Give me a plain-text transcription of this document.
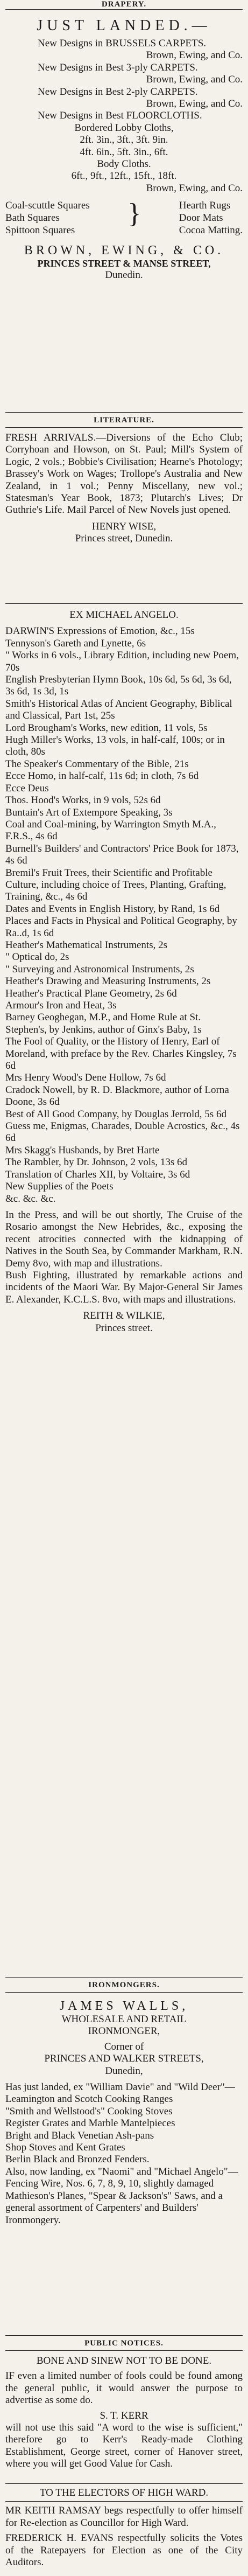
DRAPERY.
JUST LANDED.—
New Designs in BRUSSELS CARPETS.
Brown, Ewing, and Co.
New Designs in Best 3-ply CARPETS.
Brown, Ewing, and Co.
New Designs in Best 2-ply CARPETS.
Brown, Ewing, and Co.
New Designs in Best FLOORCLOTHS.
Bordered Lobby Cloths,
2ft. 3in., 3ft., 3ft. 9in.
4ft. 6in., 5ft. 3in., 6ft.
Body Cloths.
6ft., 9ft., 12ft., 15ft., 18ft.
Brown, Ewing, and Co.
Coal-scuttle Squares
Bath Squares
Spittoon Squares
}	Hearth Rugs
Door Mats
Cocoa Matting.
BROWN, EWING, & CO.
PRINCES STREET & MANSE STREET,
Dunedin.
LITERATURE.
FRESH ARRIVALS.—Diversions of the Echo Club; Corryhoan and Howson, on St. Paul; Mill's System of Logic, 2 vols.; Bobbie's Civilisation; Hearne's Photology; Brassey's Work on Wages; Trollope's Australia and New Zealand, in 1 vol.; Penny Miscellany, new vol.; Statesman's Year Book, 1873; Plutarch's Lives; Dr Guthrie's Life. Mail Parcel of New Novels just opened.
HENRY WISE,
Princes street, Dunedin.
EX MICHAEL ANGELO.
DARWIN'S Expressions of Emotion, &c., 15s
Tennyson's Gareth and Lynette, 6s
" Works in 6 vols., Library Edition, including new Poem, 70s
English Presbyterian Hymn Book, 10s 6d, 5s 6d, 3s 6d, 3s 6d, 1s 3d, 1s
Smith's Historical Atlas of Ancient Geography, Biblical and Classical, Part 1st, 25s
Lord Brougham's Works, new edition, 11 vols, 5s
Hugh Miller's Works, 13 vols, in half-calf, 100s; or in cloth, 80s
The Speaker's Commentary of the Bible, 21s
Ecce Homo, in half-calf, 11s 6d; in cloth, 7s 6d
Ecce Deus
Thos. Hood's Works, in 9 vols, 52s 6d
Buntain's Art of Extempore Speaking, 3s
Coal and Coal-mining, by Warrington Smyth M.A., F.R.S., 4s 6d
Burnell's Builders' and Contractors' Price Book for 1873, 4s 6d
Bremil's Fruit Trees, their Scientific and Profitable Culture, including choice of Trees, Planting, Grafting, Training, &c., 4s 6d
Dates and Events in English History, by Rand, 1s 6d
Places and Facts in Physical and Political Geography, by Ra..d, 1s 6d
Heather's Mathematical Instruments, 2s
" Optical do, 2s
" Surveying and Astronomical Instruments, 2s
Heather's Drawing and Measuring Instruments, 2s
Heather's Practical Plane Geometry, 2s 6d
Armour's Iron and Heat, 3s
Barney Geoghegan, M.P., and Home Rule at St. Stephen's, by Jenkins, author of Ginx's Baby, 1s
The Fool of Quality, or the History of Henry, Earl of Moreland, with preface by the Rev. Charles Kingsley, 7s 6d
Mrs Henry Wood's Dene Hollow, 7s 6d
Cradock Nowell, by R. D. Blackmore, author of Lorna Doone, 3s 6d
Best of All Good Company, by Douglas Jerrold, 5s 6d
Guess me, Enigmas, Charades, Double Acrostics, &c., 4s 6d
Mrs Skagg's Husbands, by Bret Harte
The Rambler, by Dr. Johnson, 2 vols, 13s 6d
Translation of Charles XII, by Voltaire, 3s 6d
New Supplies of the Poets
&c. &c. &c.
In the Press, and will be out shortly, The Cruise of the Rosario amongst the New Hebrides, &c., exposing the recent atrocities connected with the kidnapping of Natives in the South Sea, by Commander Markham, R.N. Demy 8vo, with map and illustrations.
Bush Fighting, illustrated by remarkable actions and incidents of the Maori War. By Major-General Sir James E. Alexander, K.C.L.S. 8vo, with maps and illustrations.
REITH & WILKIE,
Princes street.
IRONMONGERS.
JAMES WALLS,
WHOLESALE AND RETAIL
IRONMONGER,
Corner of
PRINCES AND WALKER STREETS,
Dunedin,
Has just landed, ex "William Davie" and "Wild Deer"—
Leamington and Scotch Cooking Ranges
"Smith and Wellstood's" Cooking Stoves
Register Grates and Marble Mantelpieces
Bright and Black Venetian Ash-pans
Shop Stoves and Kent Grates
Berlin Black and Bronzed Fenders.
Also, now landing, ex "Naomi" and "Michael Angelo"—
Fencing Wire, Nos. 6, 7, 8, 9, 10, slightly damaged
Mathieson's Planes, "Spear & Jackson's" Saws, and a general assortment of Carpenters' and Builders' Ironmongery.
PUBLIC NOTICES.
BONE AND SINEW NOT TO BE DONE.
IF even a limited number of fools could be found among the general public, it would answer the purpose to advertise as some do.
S. T. KERR
will not use this said "A word to the wise is sufficient," therefore go to Kerr's Ready-made Clothing Establishment, George street, corner of Hanover street, where you will get Good Value for Cash.
TO THE ELECTORS OF HIGH WARD.
MR KEITH RAMSAY begs respectfully to offer himself for Re-election as Councillor for High Ward.
FREDERICK H. EVANS respectfully solicits the Votes of the Ratepayers for Election as one of the City Auditors.
